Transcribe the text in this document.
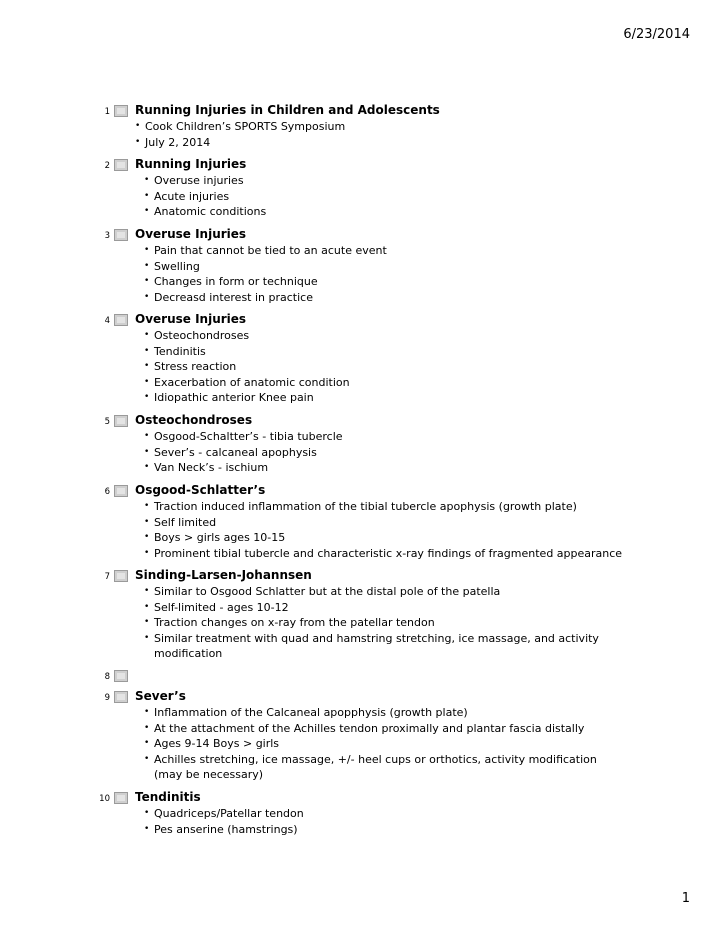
6/23/2014
1 Running Injuries in Children and Adolescents
• Cook Children’s SPORTS Symposium
• July 2, 2014
2 Running Injuries
• Overuse injuries
• Acute injuries
• Anatomic conditions
3 Overuse Injuries
• Pain that cannot be tied to an acute event
• Swelling
• Changes in form or technique
• Decreasd interest in practice
4 Overuse Injuries
• Osteochondroses
• Tendinitis
• Stress reaction
• Exacerbation of anatomic condition
• Idiopathic anterior Knee pain
5 Osteochondroses
• Osgood-Schaltter’s - tibia tubercle
• Sever’s - calcaneal apophysis
• Van Neck’s - ischium
6 Osgood-Schlatter’s
• Traction induced inflammation of the tibial tubercle apophysis (growth plate)
• Self limited
• Boys > girls ages 10-15
• Prominent tibial tubercle and characteristic x-ray findings of fragmented appearance
7 Sinding-Larsen-Johannsen
• Similar to Osgood Schlatter but at the distal pole of the patella
• Self-limited - ages 10-12
• Traction changes on x-ray from the patellar tendon
• Similar treatment with quad and hamstring stretching, ice massage, and activity modification
8
9 Sever’s
• Inflammation of the Calcaneal apopphysis (growth plate)
• At the attachment of the Achilles tendon proximally and plantar fascia distally
• Ages 9-14 Boys > girls
• Achilles stretching, ice massage, +/- heel cups or orthotics, activity modification (may be necessary)
10 Tendinitis
• Quadriceps/Patellar tendon
• Pes anserine (hamstrings)
1
